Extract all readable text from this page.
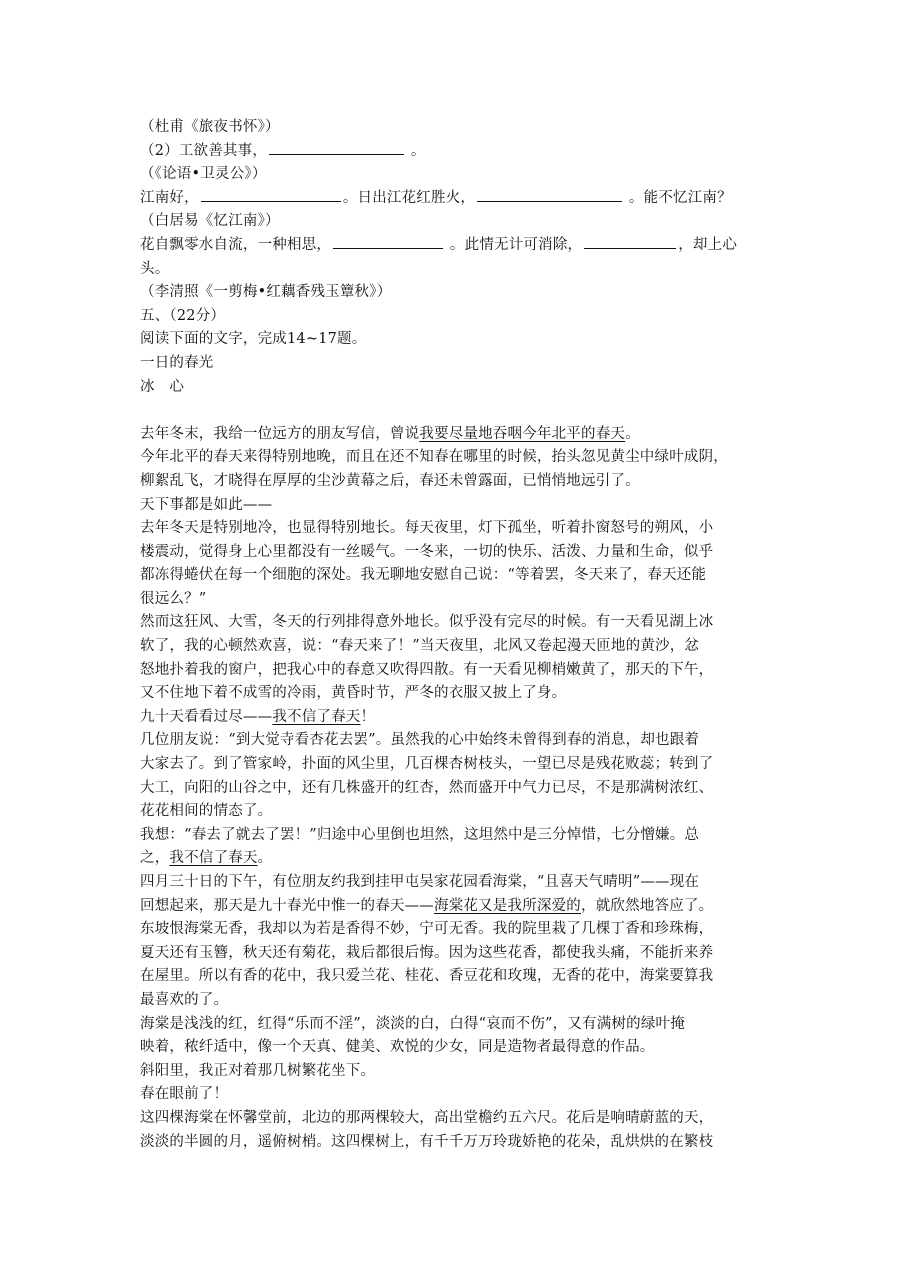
（杜甫《旅夜书怀》）
（2）工欲善其事，	。
（《论语•卫灵公》）
江南好，	。日出江花红胜火，	。能不忆江南？
（白居易《忆江南》）
花自飘零水自流，一种相思，	。此情无计可消除，	，却上心
头。
（李清照《一剪梅•红藕香残玉簟秋》）
五、（22分）
阅读下面的文字，完成14~17题。
一日的春光
冰　心
去年冬末，我给一位远方的朋友写信，曾说我要尽量地吞咽今年北平的春天。
今年北平的春天来得特别地晚，而且在还不知春在哪里的时候，抬头忽见黄尘中绿叶成阴，
柳絮乱飞，才晓得在厚厚的尘沙黄幕之后，春还未曾露面，已悄悄地远引了。
天下事都是如此——
去年冬天是特别地冷，也显得特别地长。每天夜里，灯下孤坐，听着扑窗怒号的朔风，小
楼震动，觉得身上心里都没有一丝暖气。一冬来，一切的快乐、活泼、力量和生命，似乎
都冻得蜷伏在每一个细胞的深处。我无聊地安慰自己说：“等着罢，冬天来了，春天还能
很远么？”
然而这狂风、大雪，冬天的行列排得意外地长。似乎没有完尽的时候。有一天看见湖上冰
软了，我的心顿然欢喜，说：“春天来了！”当天夜里，北风又卷起漫天匝地的黄沙，忿
怒地扑着我的窗户，把我心中的春意又吹得四散。有一天看见柳梢嫩黄了，那天的下午，
又不住地下着不成雪的冷雨，黄昏时节，严冬的衣服又披上了身。
九十天看看过尽——我不信了春天！
几位朋友说：“到大觉寺看杏花去罢”。虽然我的心中始终未曾得到春的消息，却也跟着
大家去了。到了管家岭，扑面的风尘里，几百棵杏树枝头，一望已尽是残花败蕊；转到了
大工，向阳的山谷之中，还有几株盛开的红杏，然而盛开中气力已尽，不是那满树浓红、
花花相间的情态了。
我想：“春去了就去了罢！”归途中心里倒也坦然，这坦然中是三分悼惜，七分憎嫌。总
之，我不信了春天。
四月三十日的下午，有位朋友约我到挂甲屯吴家花园看海棠，“且喜天气晴明”——现在
回想起来，那天是九十春光中惟一的春天——海棠花又是我所深爱的，就欣然地答应了。
东坡恨海棠无香，我却以为若是香得不妙，宁可无香。我的院里栽了几棵丁香和珍珠梅，
夏天还有玉簪，秋天还有菊花，栽后都很后悔。因为这些花香，都使我头痛，不能折来养
在屋里。所以有香的花中，我只爱兰花、桂花、香豆花和玫瑰，无香的花中，海棠要算我
最喜欢的了。
海棠是浅浅的红，红得“乐而不淫”，淡淡的白，白得“哀而不伤”，又有满树的绿叶掩
映着，秾纤适中，像一个天真、健美、欢悦的少女，同是造物者最得意的作品。
斜阳里，我正对着那几树繁花坐下。
春在眼前了！
这四棵海棠在怀馨堂前，北边的那两棵较大，高出堂檐约五六尺。花后是响晴蔚蓝的天，
淡淡的半圆的月，遥俯树梢。这四棵树上，有千千万万玲珑娇艳的花朵，乱烘烘的在繁枝
